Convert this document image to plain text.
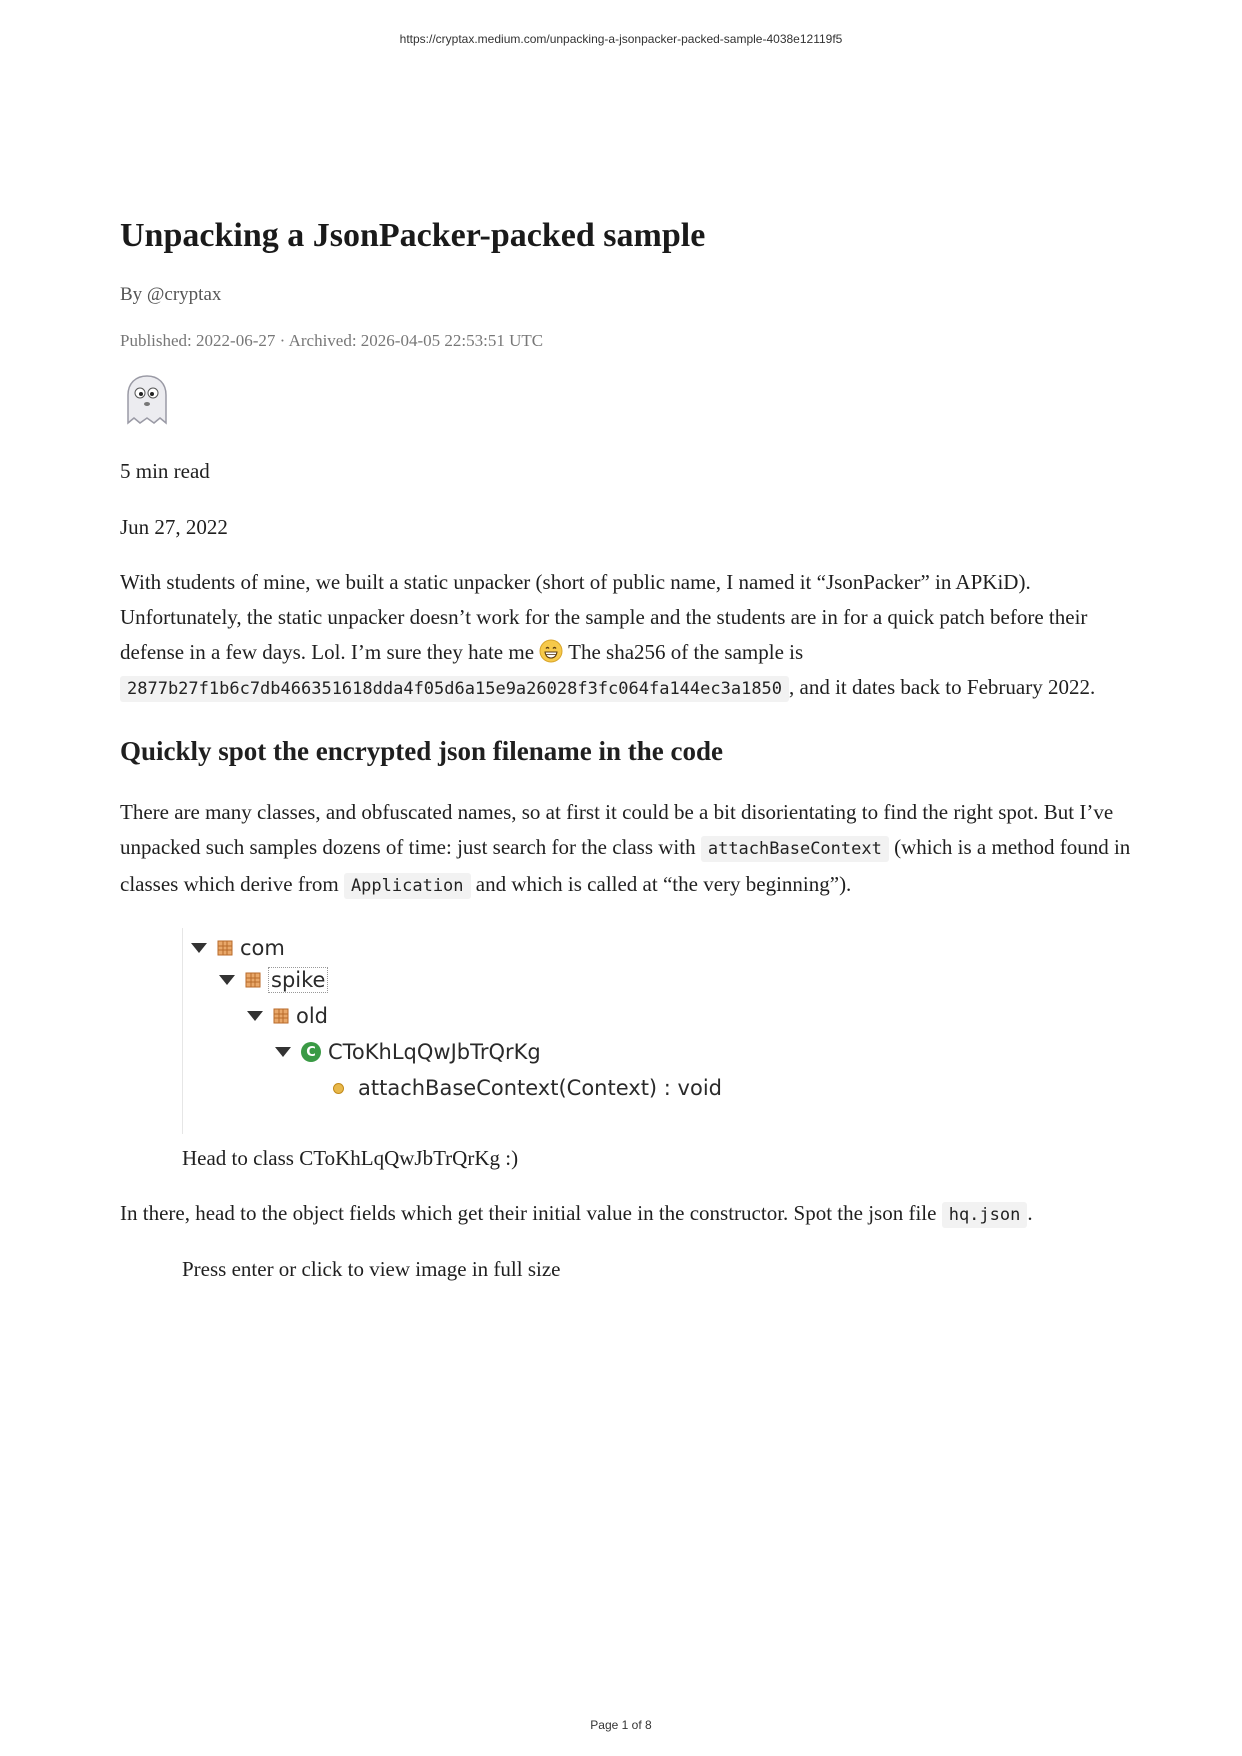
https://cryptax.medium.com/unpacking-a-jsonpacker-packed-sample-4038e12119f5
Unpacking a JsonPacker-packed sample
By @cryptax
Published: 2022-06-27 · Archived: 2026-04-05 22:53:51 UTC
5 min read
Jun 27, 2022

With students of mine, we built a static unpacker (short of public name, I named it “JsonPacker” in APKiD). Unfortunately, the static unpacker doesn’t work for the sample and the students are in for a quick patch before their defense in a few days. Lol. I’m sure they hate me  The sha256 of the sample is 2877b27f1b6c7db466351618dda4f05d6a15e9a26028f3fc064fa144ec3a1850 , and it dates back to February 2022.

Quickly spot the encrypted json filename in the code

There are many classes, and obfuscated names, so at first it could be a bit disorientating to find the right spot. But I’ve unpacked such samples dozens of time: just search for the class with attachBaseContext (which is a method found in classes which derive from Application and which is called at “the very beginning”).

com
spike
old
C CToKhLqQwJbTrQrKg
attachBaseContext(Context) : void
Head to class CToKhLqQwJbTrQrKg :)

In there, head to the object fields which get their initial value in the constructor. Spot the json file hq.json .

Press enter or click to view image in full size
Page 1 of 8
